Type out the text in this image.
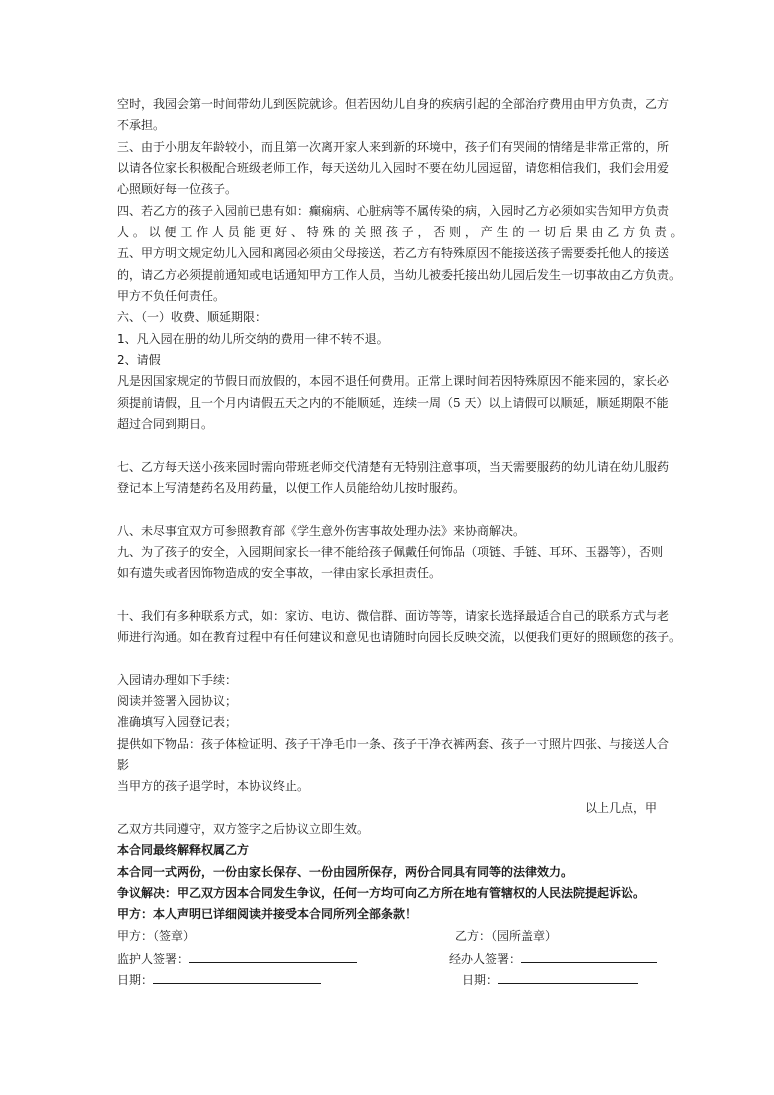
空时，我园会第一时间带幼儿到医院就诊。但若因幼儿自身的疾病引起的全部治疗费用由甲方负责，乙方
不承担。
三、由于小朋友年龄较小，而且第一次离开家人来到新的环境中，孩子们有哭闹的情绪是非常正常的，所
以请各位家长积极配合班级老师工作，每天送幼儿入园时不要在幼儿园逗留，请您相信我们，我们会用爱
心照顾好每一位孩子。
四、若乙方的孩子入园前已患有如：癫痫病、心脏病等不属传染的病，入园时乙方必须如实告知甲方负责
人 。 以 便 工 作 人 员 能 更 好 、 特 殊 的 关 照 孩 子 ， 否 则 ， 产 生 的 一 切 后 果 由 乙 方 负 责 。
五、甲方明文规定幼儿入园和离园必须由父母接送，若乙方有特殊原因不能接送孩子需要委托他人的接送
的，请乙方必须提前通知或电话通知甲方工作人员，当幼儿被委托接出幼儿园后发生一切事故由乙方负责。
甲方不负任何责任。
六、（一）收费、顺延期限：
1、凡入园在册的幼儿所交纳的费用一律不转不退。
2、请假
凡是因国家规定的节假日而放假的，本园不退任何费用。正常上课时间若因特殊原因不能来园的，家长必
须提前请假，且一个月内请假五天之内的不能顺延，连续一周（5 天）以上请假可以顺延，顺延期限不能
超过合同到期日。
七、乙方每天送小孩来园时需向带班老师交代清楚有无特别注意事项，当天需要服药的幼儿请在幼儿服药
登记本上写清楚药名及用药量，以便工作人员能给幼儿按时服药。
八、未尽事宜双方可参照教育部《学生意外伤害事故处理办法》来协商解决。
九、为了孩子的安全，入园期间家长一律不能给孩子佩戴任何饰品（项链、手链、耳环、玉器等），否则
如有遗失或者因饰物造成的安全事故，一律由家长承担责任。
十、我们有多种联系方式，如：家访、电访、微信群、面访等等，请家长选择最适合自己的联系方式与老
师进行沟通。如在教育过程中有任何建议和意见也请随时向园长反映交流，以便我们更好的照顾您的孩子。
入园请办理如下手续：
阅读并签署入园协议；
准确填写入园登记表；
提供如下物品：孩子体检证明、孩子干净毛巾一条、孩子干净衣裤两套、孩子一寸照片四张、与接送人合
影
当甲方的孩子退学时，本协议终止。
以上几点，甲
乙双方共同遵守，双方签字之后协议立即生效。
本合同最终解释权属乙方
本合同一式两份，一份由家长保存、一份由园所保存，两份合同具有同等的法律效力。
争议解决：甲乙双方因本合同发生争议，任何一方均可向乙方所在地有管辖权的人民法院提起诉讼。
甲方：本人声明已详细阅读并接受本合同所列全部条款！
甲方：（签章）	乙方：（园所盖章）
监护人签署：	经办人签署：
日期：	日期：
